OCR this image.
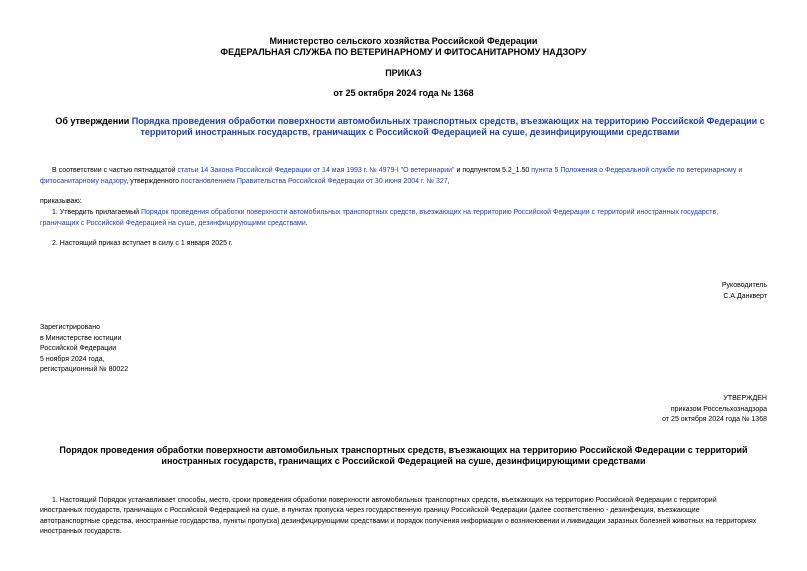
Министерство сельского хозяйства Российской Федерации
ФЕДЕРАЛЬНАЯ СЛУЖБА ПО ВЕТЕРИНАРНОМУ И ФИТОСАНИТАРНОМУ НАДЗОРУ
ПРИКАЗ
от 25 октября 2024 года № 1368
Об утверждении Порядка проведения обработки поверхности автомобильных транспортных средств, въезжающих на территорию Российской Федерации с
территорий иностранных государств, граничащих с Российской Федерацией на суше, дезинфицирующими средствами
В соответствии с частью пятнадцатой статьи 14 Закона Российской Федерации от 14 мая 1993 г. № 4979-I "О ветеринарии" и подпунктом 5.2_1.50 пункта 5 Положения о Федеральной службе по ветеринарному и
фитосанитарному надзору, утвержденного постановлением Правительства Российской Федерации от 30 июня 2004 г. № 327,
приказываю:
1. Утвердить прилагаемый Порядок проведения обработки поверхности автомобильных транспортных средств, въезжающих на территорию Российской Федерации с территорий иностранных государств,
граничащих с Российской Федерацией на суше, дезинфицирующими средствами.
2. Настоящий приказ вступает в силу с 1 января 2025 г.
Руководитель
С.А.Данкверт
Зарегистрировано
в Министерстве юстиции
Российской Федерации
5 ноября 2024 года,
регистрационный № 80022
УТВЕРЖДЕН
приказом Россельхознадзора
от 25 октября 2024 года № 1368
Порядок проведения обработки поверхности автомобильных транспортных средств, въезжающих на территорию Российской Федерации с территорий
иностранных государств, граничащих с Российской Федерацией на суше, дезинфицирующими средствами
1. Настоящий Порядок устанавливает способы, место, сроки проведения обработки поверхности автомобильных транспортных средств, въезжающих на территорию Российской Федерации с территорий
иностранных государств, граничащих с Российской Федерацией на суше, в пунктах пропуска через государственную границу Российской Федерации (далее соответственно - дезинфекция, въезжающие
автотранспортные средства, иностранные государства, пункты пропуска) дезинфицирующими средствами и порядок получения информации о возникновении и ликвидации заразных болезней животных на территориях
иностранных государств.
